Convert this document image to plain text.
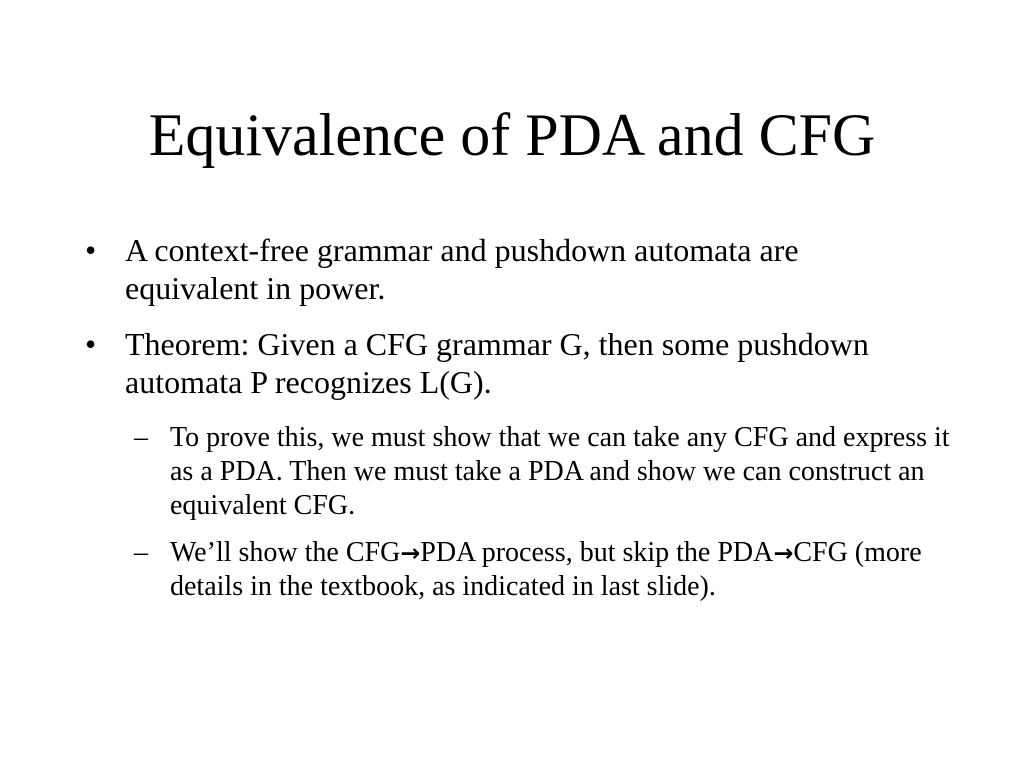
Equivalence of PDA and CFG

• A context-free grammar and pushdown automata are equivalent in power.

• Theorem: Given a CFG grammar G, then some pushdown automata P recognizes L(G).

– To prove this, we must show that we can take any CFG and express it as a PDA. Then we must take a PDA and show we can construct an equivalent CFG.

– We’ll show the CFG→PDA process, but skip the PDA→CFG (more details in the textbook, as indicated in last slide).
